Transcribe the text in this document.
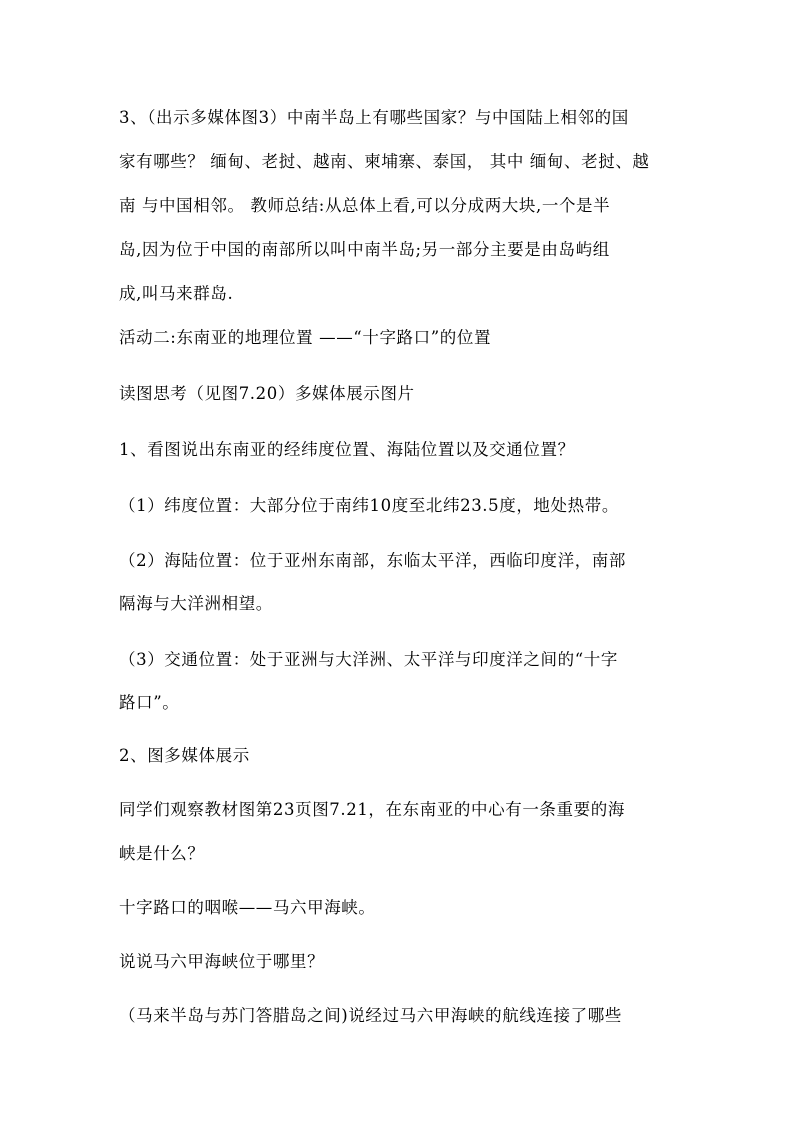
3、（出示多媒体图3）中南半岛上有哪些国家？与中国陆上相邻的国
家有哪些？ 缅甸、老挝、越南、柬埔寨、泰国， 其中 缅甸、老挝、越
南 与中国相邻。 教师总结:从总体上看,可以分成两大块,一个是半
岛,因为位于中国的南部所以叫中南半岛;另一部分主要是由岛屿组
成,叫马来群岛.
活动二:东南亚的地理位置 ——“十字路口”的位置
读图思考（见图7.20）多媒体展示图片
1、看图说出东南亚的经纬度位置、海陆位置以及交通位置？
（1）纬度位置：大部分位于南纬10度至北纬23.5度，地处热带。
（2）海陆位置：位于亚州东南部，东临太平洋，西临印度洋，南部
隔海与大洋洲相望。
（3）交通位置：处于亚洲与大洋洲、太平洋与印度洋之间的“十字
路口”。
2、图多媒体展示
同学们观察教材图第23页图7.21，在东南亚的中心有一条重要的海
峡是什么？
十字路口的咽喉——马六甲海峡。
说说马六甲海峡位于哪里？
（马来半岛与苏门答腊岛之间)说经过马六甲海峡的航线连接了哪些
